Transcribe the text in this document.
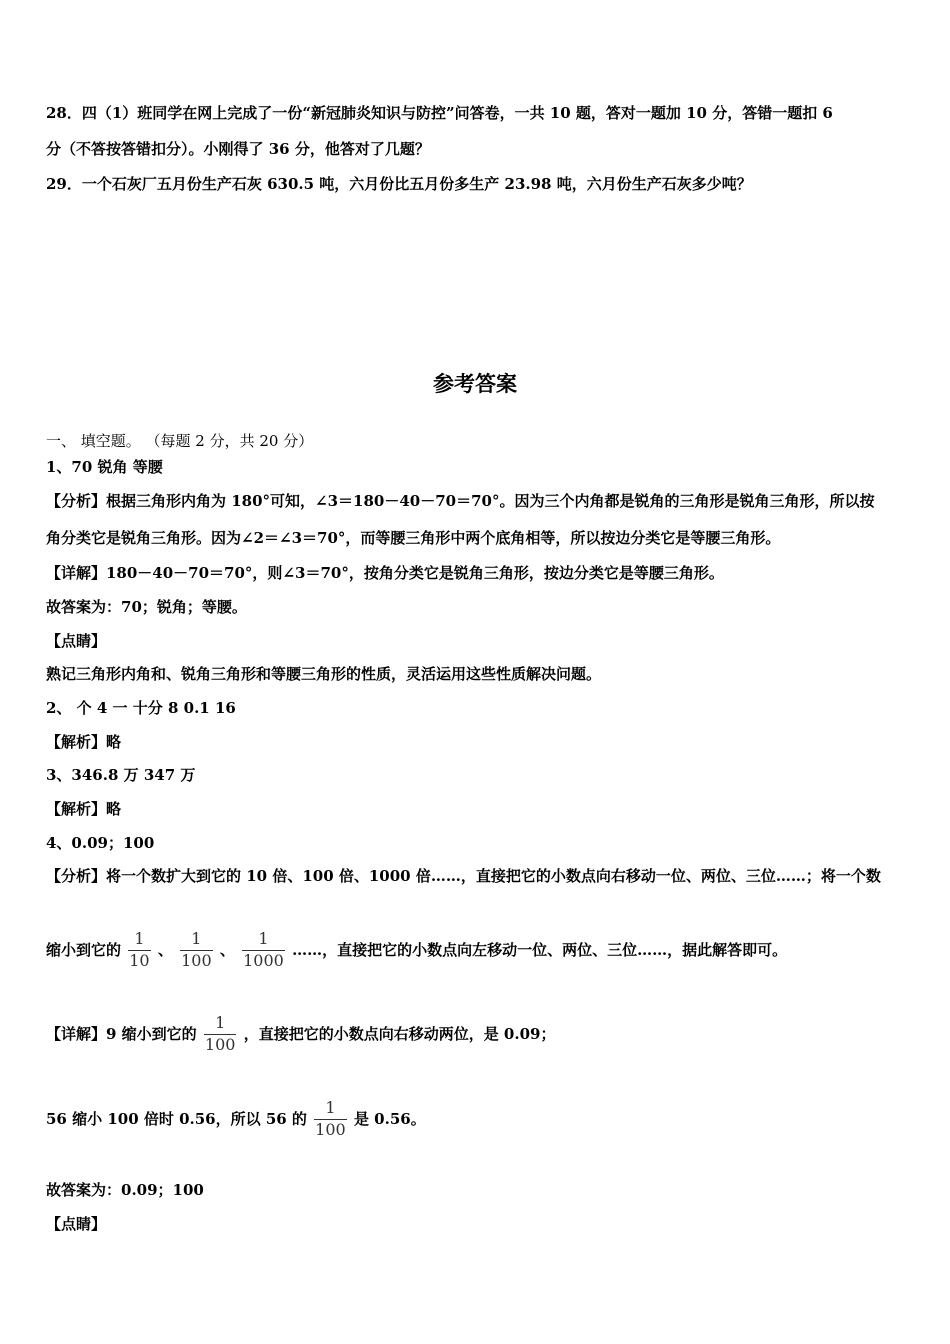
28．四（1）班同学在网上完成了一份“新冠肺炎知识与防控”问答卷，一共 10 题，答对一题加 10 分，答错一题扣 6
分（不答按答错扣分）。小刚得了 36 分，他答对了几题？
29．一个石灰厂五月份生产石灰 630.5 吨，六月份比五月份多生产 23.98 吨，六月份生产石灰多少吨？
参考答案
一、 填空题。 （每题 2 分，共 20 分）
1、70 锐角 等腰
【分析】根据三角形内角为 180°可知，∠3＝180－40－70＝70°。因为三个内角都是锐角的三角形是锐角三角形，所以按
角分类它是锐角三角形。因为∠2＝∠3＝70°，而等腰三角形中两个底角相等，所以按边分类它是等腰三角形。
【详解】180－40－70＝70°，则∠3＝70°，按角分类它是锐角三角形，按边分类它是等腰三角形。
故答案为：70；锐角；等腰。
【点睛】
熟记三角形内角和、锐角三角形和等腰三角形的性质，灵活运用这些性质解决问题。
2、 个 4 一 十分 8 0.1 16
【解析】略
3、346.8 万 347 万
【解析】略
4、0.09；100
【分析】将一个数扩大到它的 10 倍、100 倍、1000 倍……，直接把它的小数点向右移动一位、两位、三位……；将一个数
缩小到它的 $\frac{1}{10}$ 、 $\frac{1}{100}$ 、 $\frac{1}{1000}$ ……，直接把它的小数点向左移动一位、两位、三位……，据此解答即可。
【详解】9 缩小到它的 $\frac{1}{100}$ ，直接把它的小数点向右移动两位，是 0.09；
56 缩小 100 倍时 0.56，所以 56 的 $\frac{1}{100}$ 是 0.56。
故答案为：0.09；100
【点睛】
